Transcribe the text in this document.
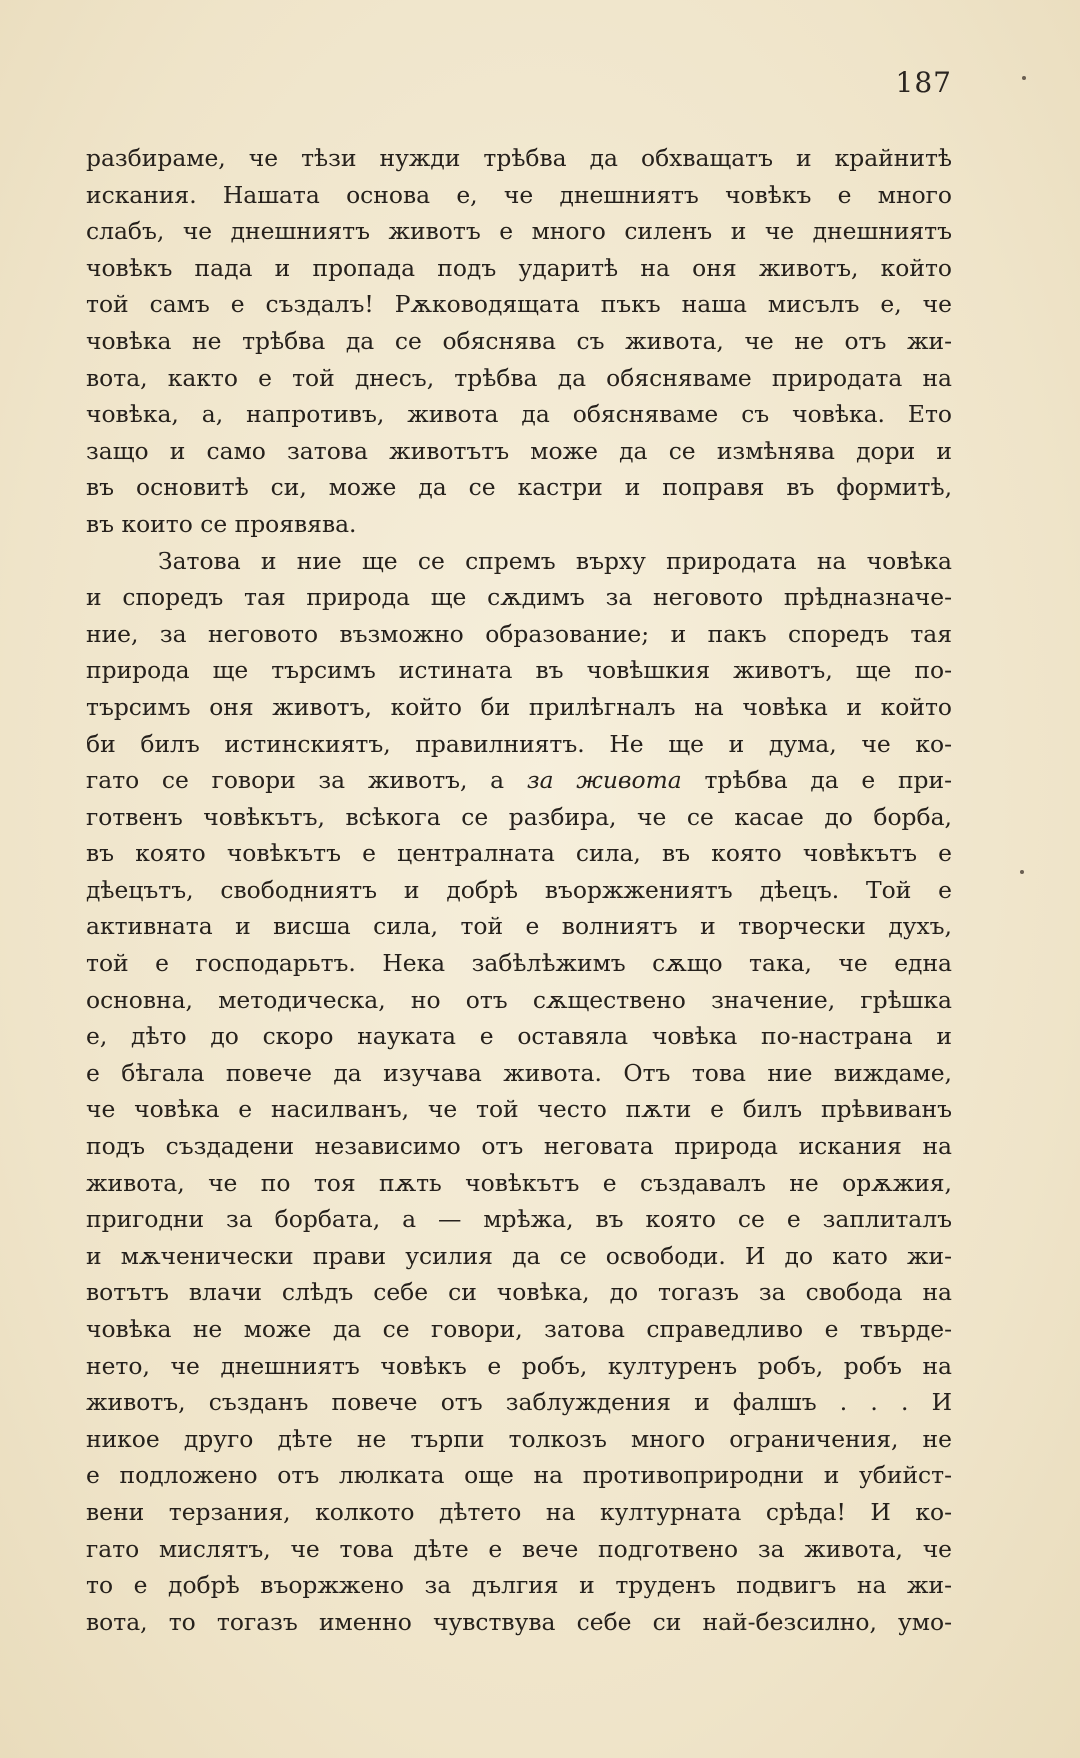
187
разбираме, че тѣзи нужди трѣбва да обхващатъ и крайнитѣ
искания. Нашата основа е, че днешниятъ човѣкъ е много
слабъ, че днешниятъ животъ е много силенъ и че днешниятъ
човѣкъ пада и пропада подъ ударитѣ на оня животъ, който
той самъ е създалъ! Рѫководящата пъкъ наша мисълъ е, че
човѣка не трѣбва да се обяснява съ живота, че не отъ жи-
вота, както е той днесъ, трѣбва да обясняваме природата на
човѣка, а, напротивъ, живота да обясняваме съ човѣка. Ето
защо и само затова животътъ може да се измѣнява дори и
въ основитѣ си, може да се кастри и поправя въ формитѣ,
въ които се проявява.
Затова и ние ще се спремъ върху природата на човѣка
и споредъ тая природа ще сѫдимъ за неговото прѣдназначе-
ние, за неговото възможно образование; и пакъ споредъ тая
природа ще търсимъ истината въ човѣшкия животъ, ще по-
търсимъ оня животъ, който би прилѣгналъ на човѣка и който
би билъ истинскиятъ, правилниятъ. Не ще и дума, че ко-
гато се говори за животъ, а за живота трѣбва да е при-
готвенъ човѣкътъ, всѣкога се разбира, че се касае до борба,
въ която човѣкътъ е централната сила, въ която човѣкътъ е
дѣецътъ, свободниятъ и добрѣ въоржжениятъ дѣецъ. Той е
активната и висша сила, той е волниятъ и творчески духъ,
той е господарьтъ. Нека забѣлѣжимъ сѫщо така, че една
основна, методическа, но отъ сѫществено значение, грѣшка
е, дѣто до скоро науката е оставяла човѣка по-настрана и
е бѣгала повече да изучава живота. Отъ това ние виждаме,
че човѣка е насилванъ, че той често пѫти е билъ прѣвиванъ
подъ създадени независимо отъ неговата природа искания на
живота, че по тоя пѫть човѣкътъ е създавалъ не орѫжия,
пригодни за борбата, а — мрѣжа, въ която се е заплиталъ
и мѫченически прави усилия да се освободи. И до като жи-
вотътъ влачи слѣдъ себе си човѣка, до тогазъ за свобода на
човѣка не може да се говори, затова справедливо е твърде-
нето, че днешниятъ човѣкъ е робъ, културенъ робъ, робъ на
животъ, създанъ повече отъ заблуждения и фалшъ . . . И
никое друго дѣте не търпи толкозъ много ограничения, не
е подложено отъ люлката още на противоприродни и убийст-
вени терзания, колкото дѣтето на културната срѣда! И ко-
гато мислятъ, че това дѣте е вече подготвено за живота, че
то е добрѣ въоржжено за дългия и труденъ подвигъ на жи-
вота, то тогазъ именно чувствува себе си най-безсилно, умо-
